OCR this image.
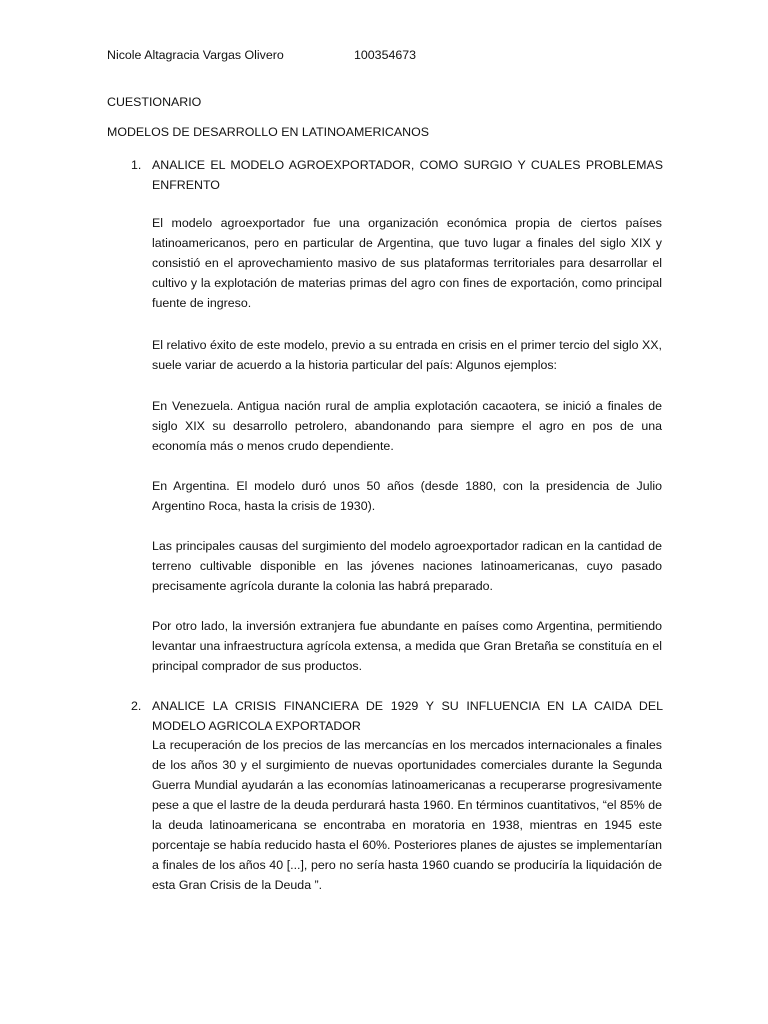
Nicole Altagracia Vargas Olivero	100354673
CUESTIONARIO
MODELOS DE DESARROLLO EN LATINOAMERICANOS
1. ANALICE EL MODELO AGROEXPORTADOR, COMO SURGIO Y CUALES PROBLEMAS ENFRENTO
El modelo agroexportador fue una organización económica propia de ciertos países latinoamericanos, pero en particular de Argentina, que tuvo lugar a finales del siglo XIX y consistió en el aprovechamiento masivo de sus plataformas territoriales para desarrollar el cultivo y la explotación de materias primas del agro con fines de exportación, como principal fuente de ingreso.
El relativo éxito de este modelo, previo a su entrada en crisis en el primer tercio del siglo XX, suele variar de acuerdo a la historia particular del país: Algunos ejemplos:
En Venezuela. Antigua nación rural de amplia explotación cacaotera, se inició a finales de siglo XIX su desarrollo petrolero, abandonando para siempre el agro en pos de una economía más o menos crudo dependiente.
En Argentina. El modelo duró unos 50 años (desde 1880, con la presidencia de Julio Argentino Roca, hasta la crisis de 1930).
Las principales causas del surgimiento del modelo agroexportador radican en la cantidad de terreno cultivable disponible en las jóvenes naciones latinoamericanas, cuyo pasado precisamente agrícola durante la colonia las habrá preparado.
Por otro lado, la inversión extranjera fue abundante en países como Argentina, permitiendo levantar una infraestructura agrícola extensa, a medida que Gran Bretaña se constituía en el principal comprador de sus productos.
2. ANALICE LA CRISIS FINANCIERA DE 1929 Y SU INFLUENCIA EN LA CAIDA DEL MODELO AGRICOLA EXPORTADOR
La recuperación de los precios de las mercancías en los mercados internacionales a finales de los años 30 y el surgimiento de nuevas oportunidades comerciales durante la Segunda Guerra Mundial ayudarán a las economías latinoamericanas a recuperarse progresivamente pese a que el lastre de la deuda perdurará hasta 1960. En términos cuantitativos, “el 85% de la deuda latinoamericana se encontraba en moratoria en 1938, mientras en 1945 este porcentaje se había reducido hasta el 60%. Posteriores planes de ajustes se implementarían a finales de los años 40 [...], pero no sería hasta 1960 cuando se produciría la liquidación de esta Gran Crisis de la Deuda ”.
